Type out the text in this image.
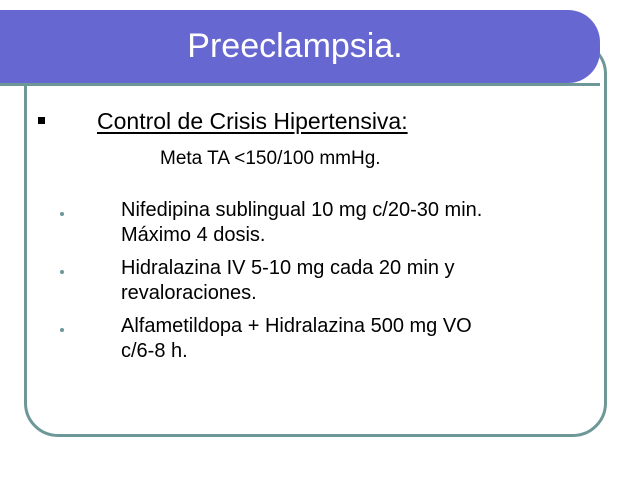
Preeclampsia.
Control de Crisis Hipertensiva:
Meta TA <150/100 mmHg.
Nifedipina sublingual 10 mg c/20-30 min.
Máximo 4 dosis.
Hidralazina IV 5-10 mg cada 20 min y
revaloraciones.
Alfametildopa + Hidralazina 500 mg VO
c/6-8 h.
